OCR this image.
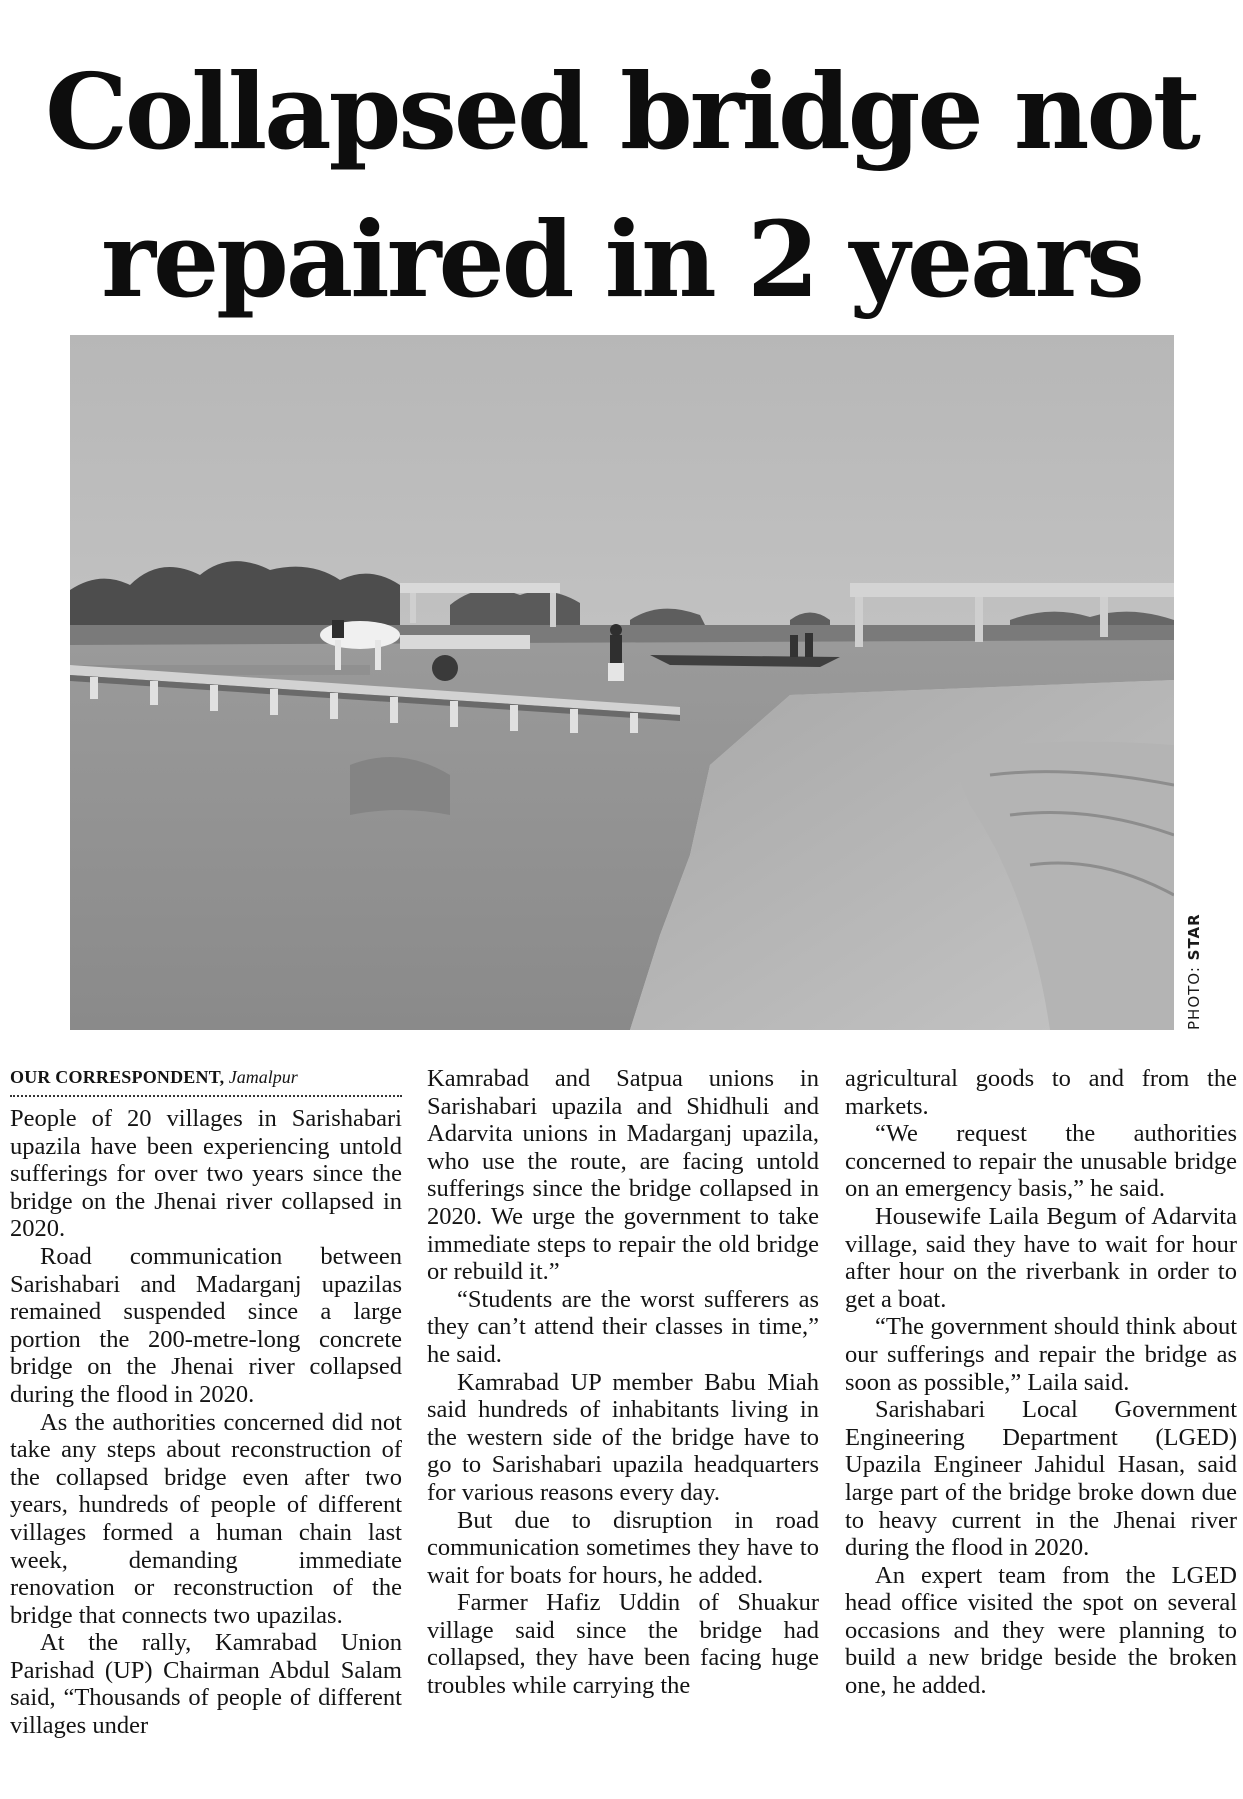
Collapsed bridge not
repaired in 2 years
PHOTO: STAR
OUR CORRESPONDENT, Jamalpur

People of 20 villages in Sarishabari upazila have been experiencing untold sufferings for over two years since the bridge on the Jhenai river collapsed in 2020.

Road communication between Sarishabari and Madarganj upazilas remained suspended since a large portion the 200-metre-long concrete bridge on the Jhenai river collapsed during the flood in 2020.

As the authorities concerned did not take any steps about reconstruction of the collapsed bridge even after two years, hundreds of people of different villages formed a human chain last week, demanding immediate renovation or reconstruction of the bridge that connects two upazilas.

At the rally, Kamrabad Union Parishad (UP) Chairman Abdul Salam said, “Thousands of people of different villages under

Kamrabad and Satpua unions in Sarishabari upazila and Shidhuli and Adarvita unions in Madarganj upazila, who use the route, are facing untold sufferings since the bridge collapsed in 2020. We urge the government to take immediate steps to repair the old bridge or rebuild it.”

“Students are the worst sufferers as they can’t attend their classes in time,” he said.

Kamrabad UP member Babu Miah said hundreds of inhabitants living in the western side of the bridge have to go to Sarishabari upazila headquarters for various reasons every day.

But due to disruption in road communication sometimes they have to wait for boats for hours, he added.

Farmer Hafiz Uddin of Shuakur village said since the bridge had collapsed, they have been facing huge troubles while carrying the

agricultural goods to and from the markets.

“We request the authorities concerned to repair the unusable bridge on an emergency basis,” he said.

Housewife Laila Begum of Adarvita village, said they have to wait for hour after hour on the riverbank in order to get a boat.

“The government should think about our sufferings and repair the bridge as soon as possible,” Laila said.

Sarishabari Local Government Engineering Department (LGED) Upazila Engineer Jahidul Hasan, said large part of the bridge broke down due to heavy current in the Jhenai river during the flood in 2020.

An expert team from the LGED head office visited the spot on several occasions and they were planning to build a new bridge beside the broken one, he added.
